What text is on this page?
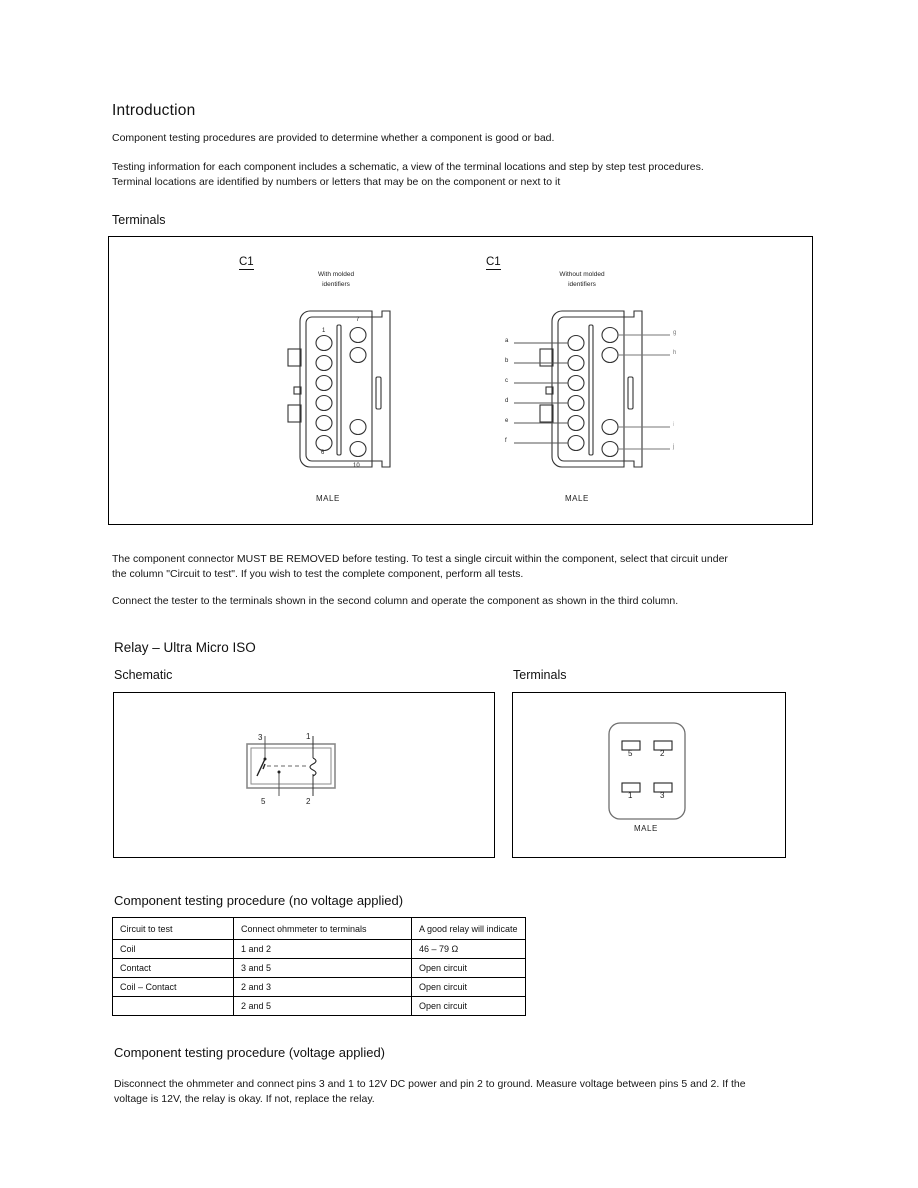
Introduction
Component testing procedures are provided to determine whether a component is good or bad.
Testing information for each component includes a schematic, a view of the terminal locations and step by step test procedures.
Terminal locations are identified by numbers or letters that may be on the component or next to it
Terminals
C1
With molded
identifiers
1
6
7
10
MALE
C1
Without molded
identifiers
a
b
c
d
e
f
g
h
i
j
MALE
The component connector MUST BE REMOVED before testing. To test a single circuit within the component, select that circuit under
the column "Circuit to test". If you wish to test the complete component, perform all tests.
Connect the tester to the terminals shown in the second column and operate the component as shown in the third column.
Relay – Ultra Micro ISO
Schematic
3	1
5	2
Terminals
5	2
1	3
MALE
Component testing procedure (no voltage applied)
Circuit to test	Connect ohmmeter to terminals	A good relay will indicate
Coil	1 and 2	46 – 79 Ω
Contact	3 and 5	Open circuit
Coil – Contact	2 and 3	Open circuit
	2 and 5	Open circuit
Component testing procedure (voltage applied)
Disconnect the ohmmeter and connect pins 3 and 1 to 12V DC power and pin 2 to ground. Measure voltage between pins 5 and 2. If the
voltage is 12V, the relay is okay. If not, replace the relay.
